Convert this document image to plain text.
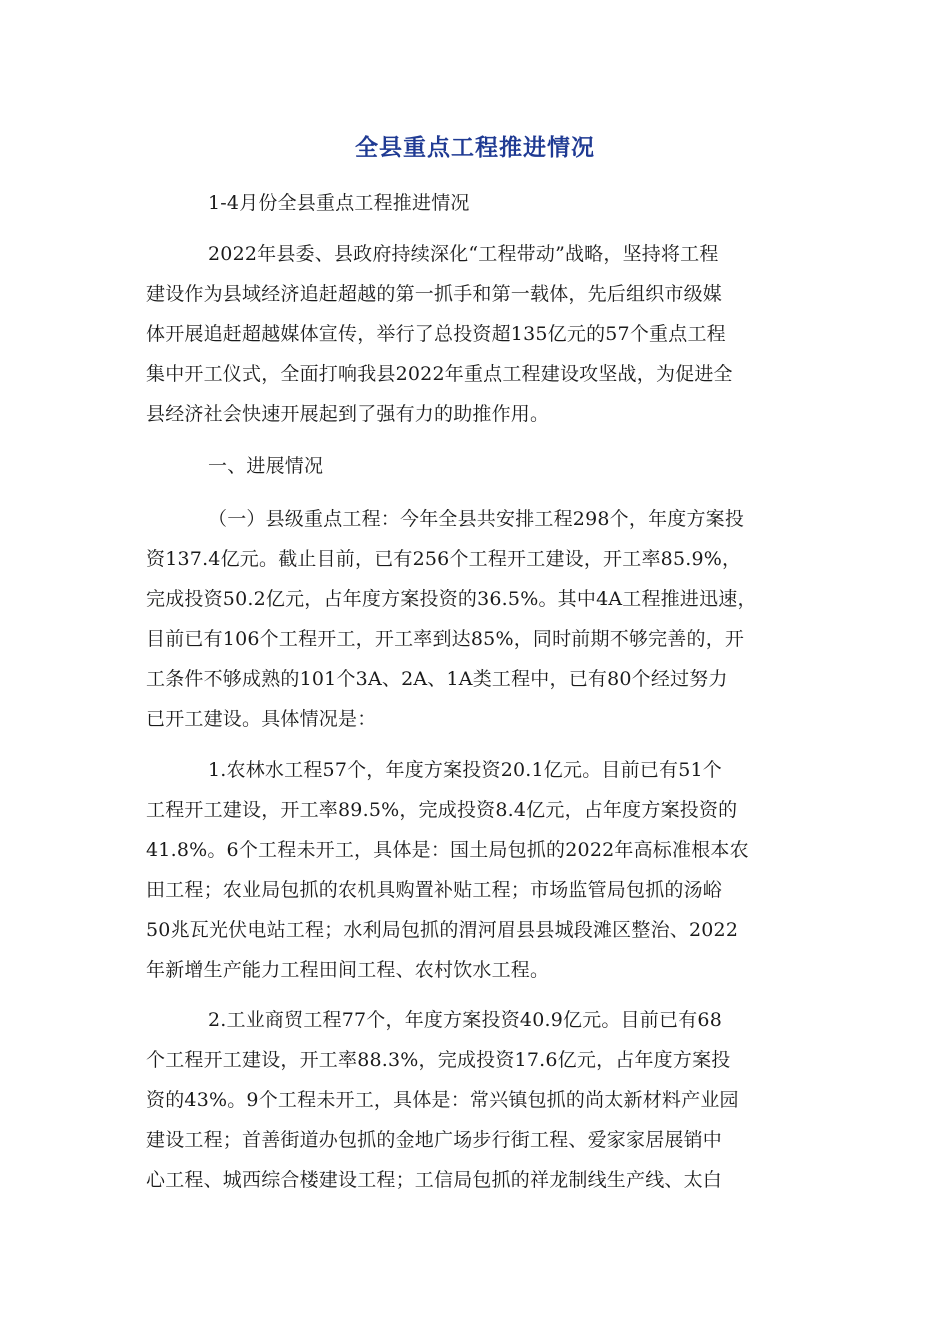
全县重点工程推进情况
1-4月份全县重点工程推进情况
2022年县委、县政府持续深化“工程带动”战略，坚持将工程
建设作为县域经济追赶超越的第一抓手和第一载体，先后组织市级媒
体开展追赶超越媒体宣传，举行了总投资超135亿元的57个重点工程
集中开工仪式，全面打响我县2022年重点工程建设攻坚战，为促进全
县经济社会快速开展起到了强有力的助推作用。
一、进展情况
（一）县级重点工程：今年全县共安排工程298个，年度方案投
资137.4亿元。截止目前，已有256个工程开工建设，开工率85.9%，
完成投资50.2亿元，占年度方案投资的36.5%。其中4A工程推进迅速，
目前已有106个工程开工，开工率到达85%，同时前期不够完善的，开
工条件不够成熟的101个3A、2A、1A类工程中，已有80个经过努力
已开工建设。具体情况是：
1.农林水工程57个，年度方案投资20.1亿元。目前已有51个
工程开工建设，开工率89.5%，完成投资8.4亿元，占年度方案投资的
41.8%。6个工程未开工，具体是：国土局包抓的2022年高标准根本农
田工程；农业局包抓的农机具购置补贴工程；市场监管局包抓的汤峪
50兆瓦光伏电站工程；水利局包抓的渭河眉县县城段滩区整治、2022
年新增生产能力工程田间工程、农村饮水工程。
2.工业商贸工程77个，年度方案投资40.9亿元。目前已有68
个工程开工建设，开工率88.3%，完成投资17.6亿元，占年度方案投
资的43%。9个工程未开工，具体是：常兴镇包抓的尚太新材料产业园
建设工程；首善街道办包抓的金地广场步行街工程、爱家家居展销中
心工程、城西综合楼建设工程；工信局包抓的祥龙制线生产线、太白
